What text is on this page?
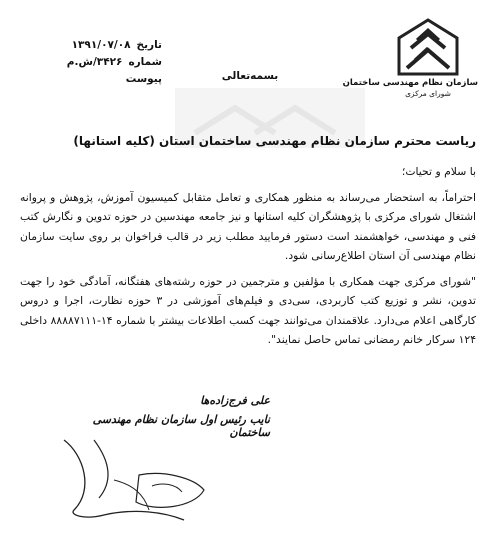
سازمان نظام مهندسی ساختمان
شورای مرکزی
تاریخ
۱۳۹۱/۰۷/۰۸
شماره
۳۴۲۶/ش.م
پیوست	بسمه‌تعالی
ریاست محترم سازمان نظام مهندسی ساختمان استان (کلیه استانها)

با سلام و تحیات؛

احتراماً، به استحضار می‌رساند به منظور همکاری و تعامل متقابل کمیسیون آموزش، پژوهش و پروانه اشتغال شورای مرکزی با پژوهشگران کلیه استانها و نیز جامعه مهندسین در حوزه تدوین و نگارش کتب فنی و مهندسی، خواهشمند است دستور فرمایید مطلب زیر در قالب فراخوان بر روی سایت سازمان نظام مهندسی آن استان اطلاع‌رسانی شود.

"شورای مرکزی جهت همکاری با مؤلفین و مترجمین در حوزه رشته‌های هفتگانه، آمادگی خود را جهت تدوین، نشر و توزیع کتب کاربردی، سی‌دی و فیلم‌های آموزشی در ۳ حوزه نظارت، اجرا و دروس کارگاهی اعلام می‌دارد. علاقمندان می‌توانند جهت کسب اطلاعات بیشتر با شماره ۱۴-۸۸۸۸۷۱۱۱ داخلی ۱۲۴ سرکار خانم رمضانی تماس حاصل نمایند".

علی فرج‌زاده‌ها
نایب رئیس اول سازمان نظام مهندسی ساختمان
